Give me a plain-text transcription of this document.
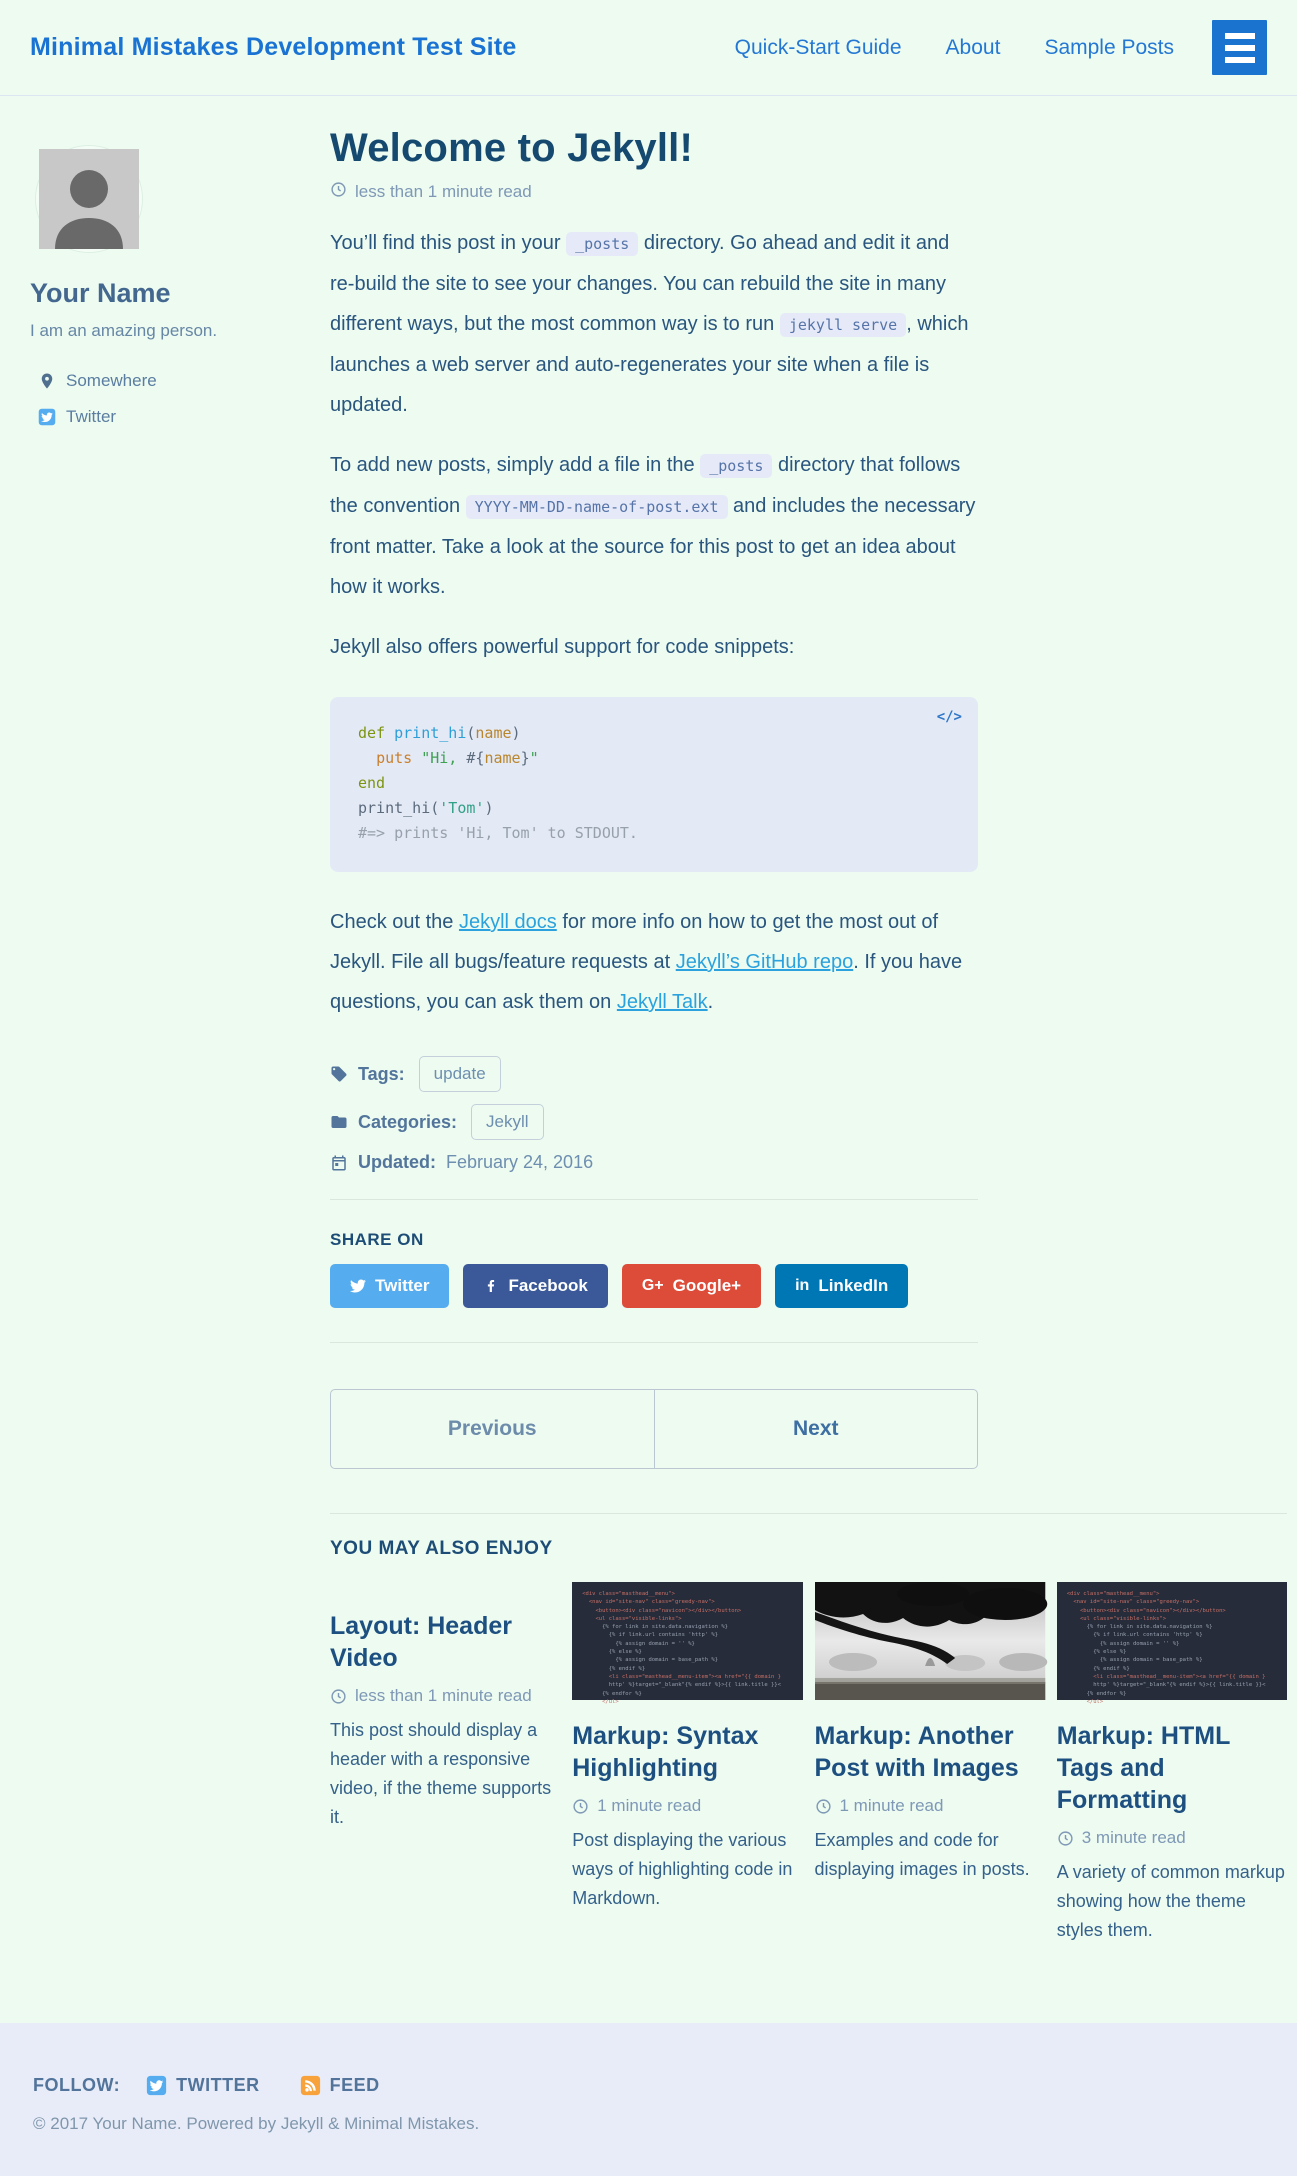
Minimal Mistakes Development Test Site	Quick-Start Guide About Sample Posts
Your Name
I am an amazing person.
Somewhere
Twitter
Welcome to Jekyll!
less than 1 minute read

You’ll find this post in your _posts directory. Go ahead and edit it and re-build the site to see your changes. You can rebuild the site in many different ways, but the most common way is to run jekyll serve , which launches a web server and auto-regenerates your site when a file is updated.

To add new posts, simply add a file in the _posts directory that follows the convention YYYY-MM-DD-name-of-post.ext and includes the necessary front matter. Take a look at the source for this post to get an idea about how it works.

Jekyll also offers powerful support for code snippets:

</>
def print_hi(name)
puts "Hi, #{name}"
end
print_hi('Tom')
#=> prints 'Hi, Tom' to STDOUT.

Check out the Jekyll docs for more info on how to get the most out of Jekyll. File all bugs/feature requests at Jekyll’s GitHub repo. If you have questions, you can ask them on Jekyll Talk.

Tags:	update
Categories:	Jekyll
Updated: February 24, 2016
SHARE ON
Twitter	Facebook	G+ Google+	in LinkedIn
Previous	Next
YOU MAY ALSO ENJOY
Layout: Header Video
less than 1 minute read
This post should display a header with a responsive video, if the theme supports it.
<div class="masthead__menu">
<nav id="site-nav" class="greedy-nav">
<button><div class="navicon"></div></button>
<ul class="visible-links">
{% for link in site.data.navigation %}
{% if link.url contains 'http' %}
{% assign domain = '' %}
{% else %}
{% assign domain = base_path %}
{% endif %}
<li class="masthead__menu-item"><a href="{{ domain }
http' %}target="_blank"{% endif %}>{{ link.title }}<
{% endfor %}
</ul>

Markup: Syntax Highlighting
1 minute read
Post displaying the various ways of highlighting code in Markdown.
Markup: Another Post with Images
1 minute read
Examples and code for displaying images in posts.
<div class="masthead__menu">
<nav id="site-nav" class="greedy-nav">
<button><div class="navicon"></div></button>
<ul class="visible-links">
{% for link in site.data.navigation %}
{% if link.url contains 'http' %}
{% assign domain = '' %}
{% else %}
{% assign domain = base_path %}
{% endif %}
<li class="masthead__menu-item"><a href="{{ domain }
http' %}target="_blank"{% endif %}>{{ link.title }}<
{% endfor %}
</ul>

Markup: HTML Tags and Formatting
3 minute read
A variety of common markup showing how the theme styles them.
FOLLOW:	TWITTER	FEED
© 2017 Your Name. Powered by Jekyll & Minimal Mistakes.
